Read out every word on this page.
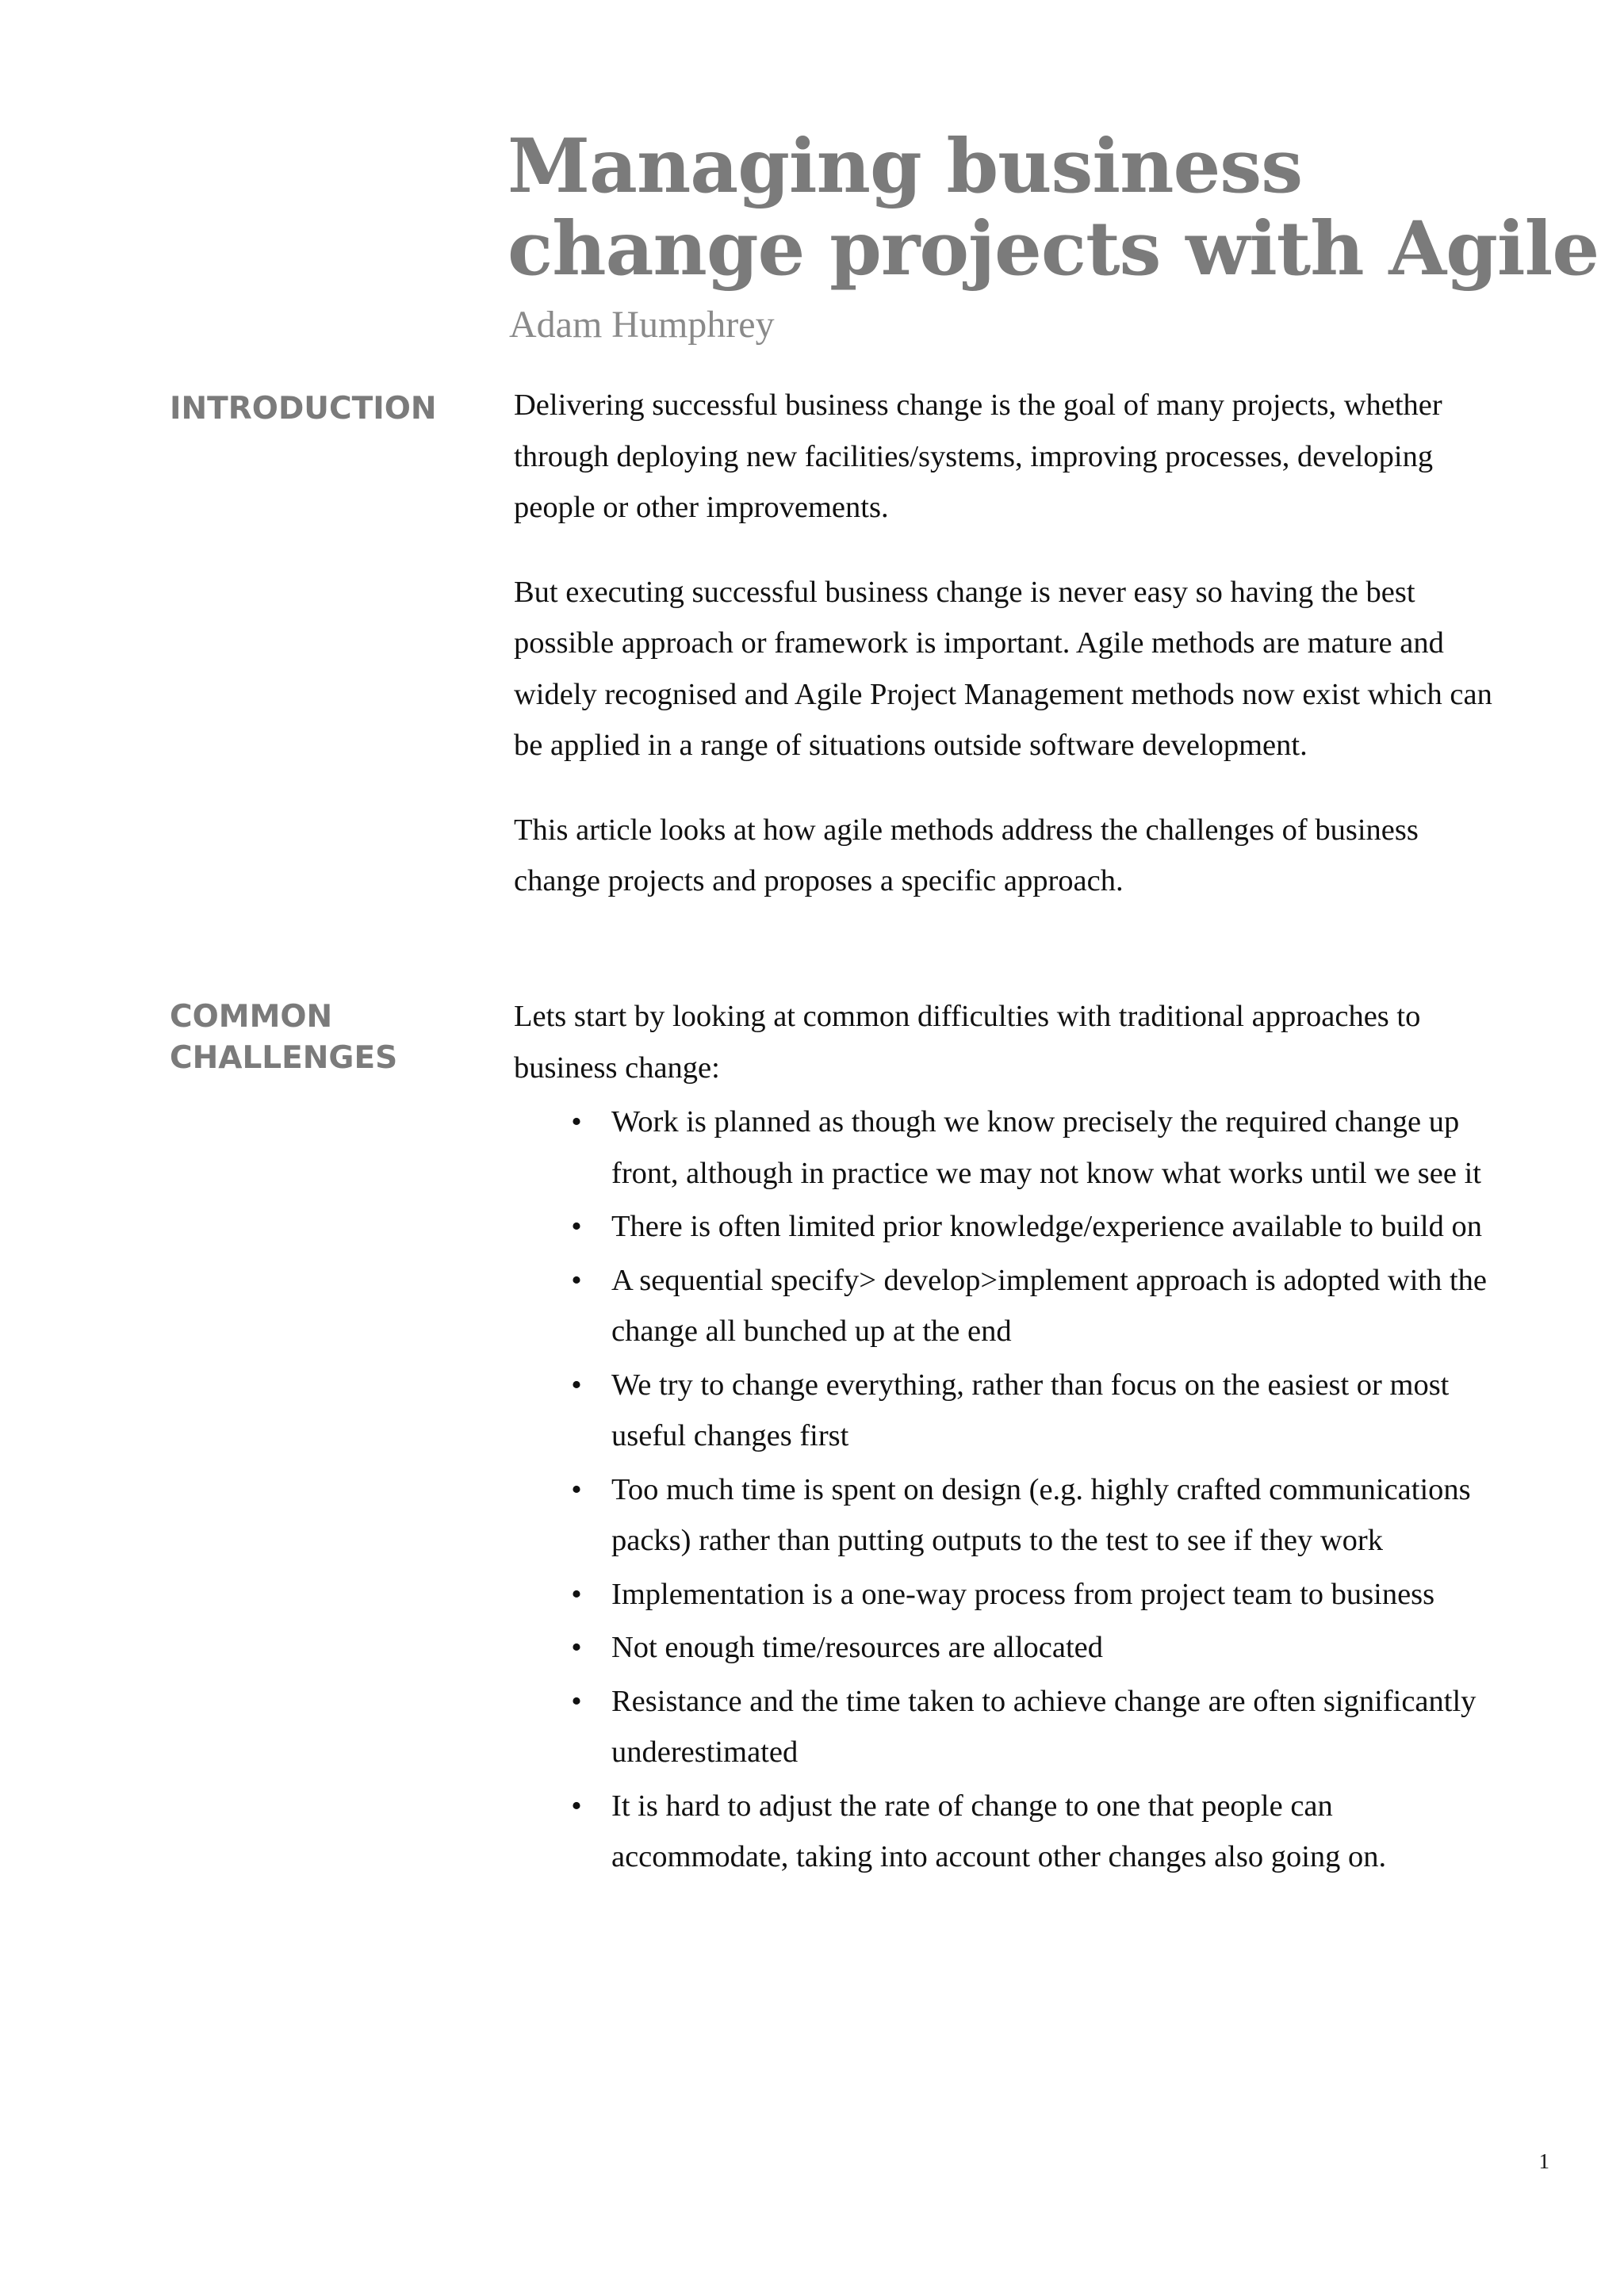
Managing business
change projects with Agile

Adam Humphrey

INTRODUCTION	Delivering successful business change is the goal of many projects, whether through deploying new facilities/systems, improving processes, developing people or other improvements.

But executing successful business change is never easy so having the best possible approach or framework is important. Agile methods are mature and widely recognised and Agile Project Management methods now exist which can be applied in a range of situations outside software development.

This article looks at how agile methods address the challenges of business change projects and proposes a specific approach.

COMMON
CHALLENGES

Lets start by looking at common difficulties with traditional approaches to business change:

• Work is planned as though we know precisely the required change up front, although in practice we may not know what works until we see it
• There is often limited prior knowledge/experience available to build on
• A sequential specify> develop>implement approach is adopted with the change all bunched up at the end
• We try to change everything, rather than focus on the easiest or most useful changes first
• Too much time is spent on design (e.g. highly crafted communications packs) rather than putting outputs to the test to see if they work
• Implementation is a one-way process from project team to business
• Not enough time/resources are allocated
• Resistance and the time taken to achieve change are often significantly underestimated
• It is hard to adjust the rate of change to one that people can accommodate, taking into account other changes also going on.
1
